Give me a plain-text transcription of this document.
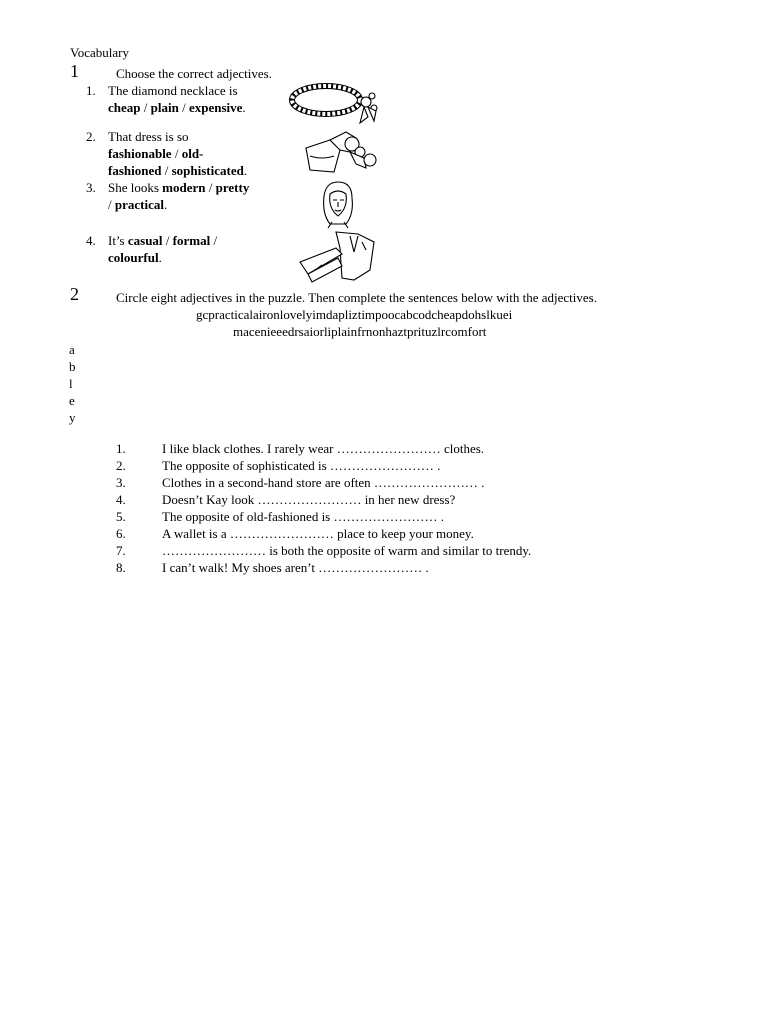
Vocabulary
1	Choose the correct adjectives.
1. The diamond necklace is
cheap / plain / expensive.
2. That dress is so
fashionable / old-
fashioned / sophisticated.
3. She looks modern / pretty
/ practical.
4. It’s casual / formal /
colourful.
2	Circle eight adjectives in the puzzle. Then complete the sentences below with the adjectives.
gcpracticalaironlovelyimdapliztimpoocabcodcheapdohslkuei
macenieeedrsaiorliplainfrnonhaztprituzlrcomfort
a
b
l
e
y
1.	I like black clothes. I rarely wear …………………… clothes.
2.	The opposite of sophisticated is …………………… .
3.	Clothes in a second-hand store are often …………………… .
4.	Doesn’t Kay look …………………… in her new dress?
5.	The opposite of old-fashioned is …………………… .
6.	A wallet is a …………………… place to keep your money.
7.	…………………… is both the opposite of warm and similar to trendy.
8.	I can’t walk! My shoes aren’t …………………… .
